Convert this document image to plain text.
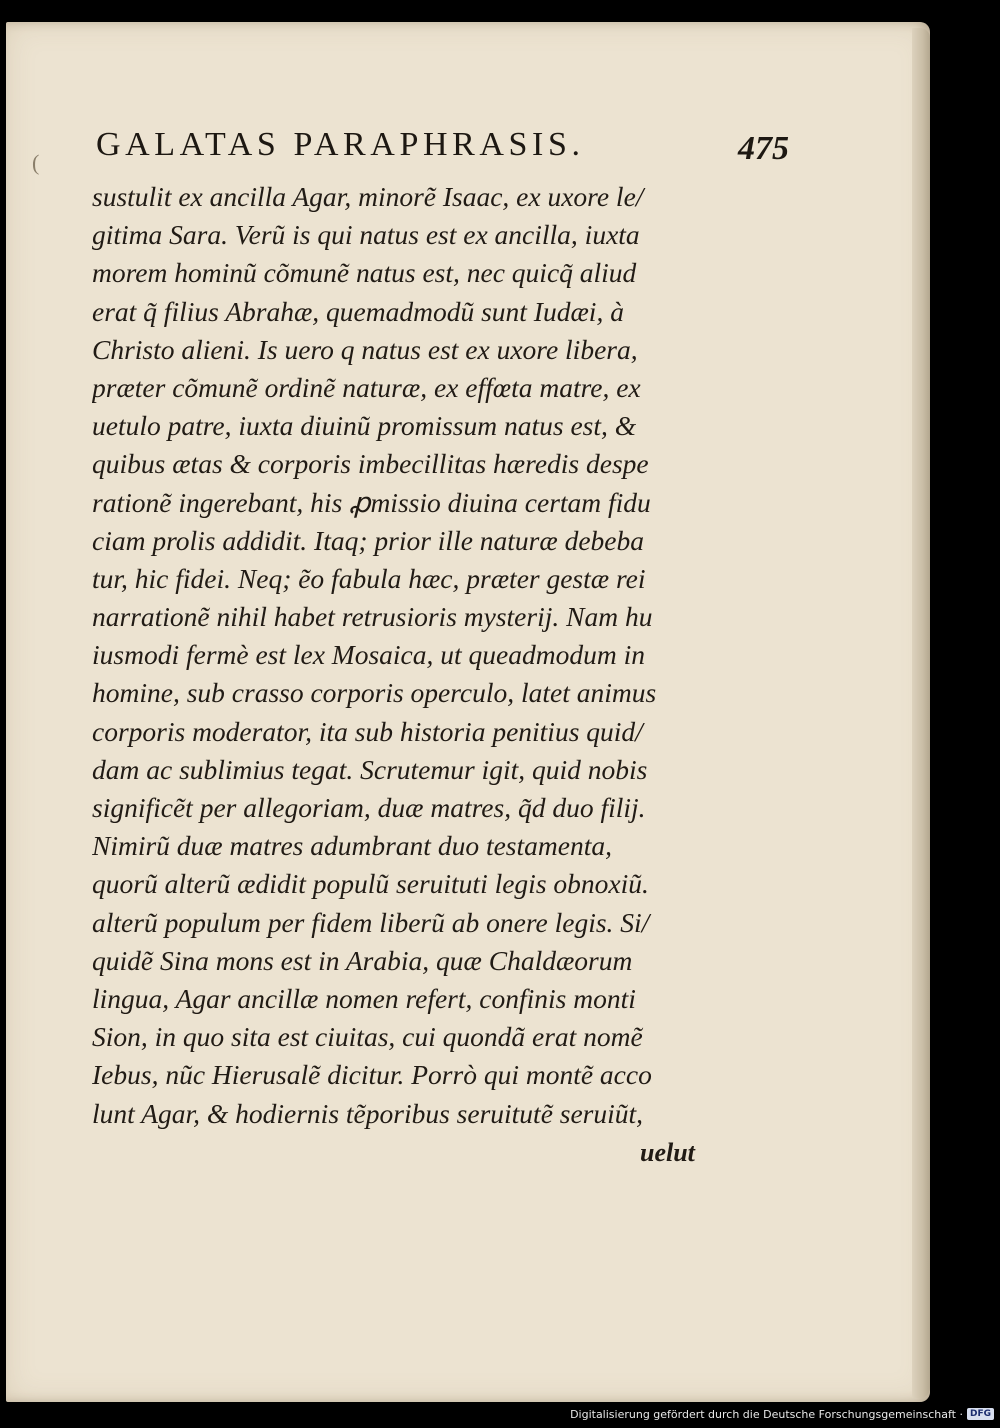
( GALATAS PARAPHRASIS.	475
sustulit ex ancilla Agar, minorẽ Isaac, ex uxore le/
gitima Sara. Verũ is qui natus est ex ancilla, iuxta
morem hominũ cõmunẽ natus est, nec quicq̃ aliud
erat q̃ filius Abrahæ, quemadmodũ sunt Iudæi, à
Christo alieni. Is uero q natus est ex uxore libera,
præter cõmunẽ ordinẽ naturæ, ex effœta matre, ex
uetulo patre, iuxta diuinũ promissum natus est, &
quibus ætas & corporis imbecillitas hæredis despe
rationẽ ingerebant, his ꝓmissio diuina certam fidu
ciam prolis addidit. Itaq; prior ille naturæ debeba
tur, hic fidei. Neq; ẽo fabula hæc, præter gestæ rei
narrationẽ nihil habet retrusioris mysterij. Nam hu
iusmodi fermè est lex Mosaica, ut queadmodum in
homine, sub crasso corporis operculo, latet animus
corporis moderator, ita sub historia penitius quid/
dam ac sublimius tegat. Scrutemur igit, quid nobis
significẽt per allegoriam, duæ matres, q̃d duo filij.
Nimirũ duæ matres adumbrant duo testamenta,
quorũ alterũ ædidit populũ seruituti legis obnoxiũ.
alterũ populum per fidem liberũ ab onere legis. Si/
quidẽ Sina mons est in Arabia, quæ Chaldæorum
lingua, Agar ancillæ nomen refert, confinis monti
Sion, in quo sita est ciuitas, cui quondã erat nomẽ
Iebus, nũc Hierusalẽ dicitur. Porrò qui montẽ acco
lunt Agar, & hodiernis tẽporibus seruitutẽ seruiũt,
uelut
Digitalisierung gefördert durch die Deutsche Forschungsgemeinschaft · DFG
